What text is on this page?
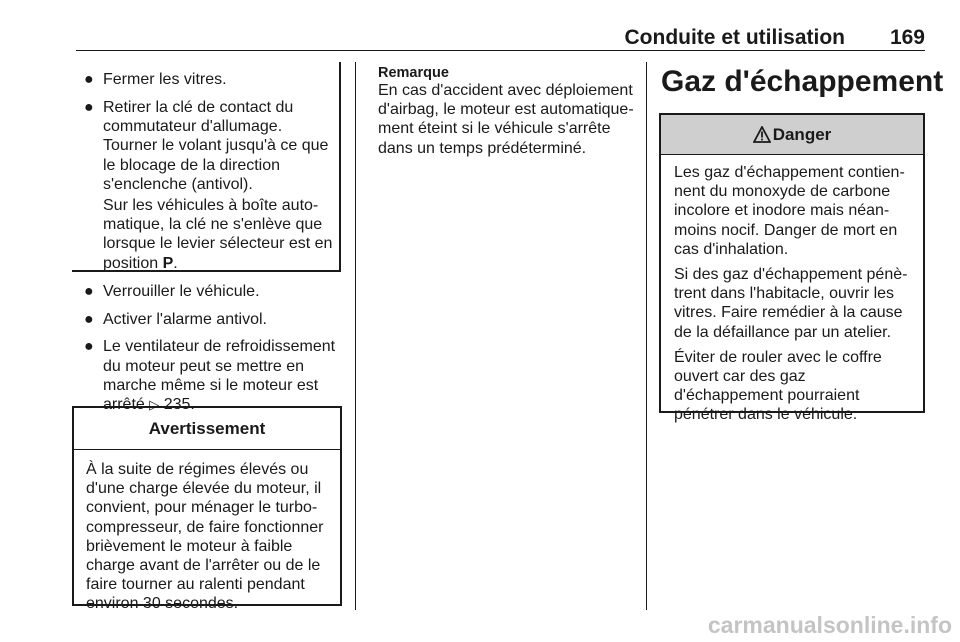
Conduite et utilisation 169
● Fermer les vitres.
● Retirer la clé de contact du commutateur d'allumage. Tourner le volant jusqu'à ce que le blocage de la direction s'enclenche (antivol).
Sur les véhicules à boîte automatique, la clé ne s'enlève que lorsque le levier sélecteur est en position P.
● Verrouiller le véhicule.
● Activer l'alarme antivol.
● Le ventilateur de refroidissement du moteur peut se mettre en marche même si le moteur est arrêté ▷ 235.
Avertissement
À la suite de régimes élevés ou d'une charge élevée du moteur, il convient, pour ménager le turbocompresseur, de faire fonctionner brièvement le moteur à faible charge avant de l'arrêter ou de le faire tourner au ralenti pendant environ 30 secondes.
Remarque
En cas d'accident avec déploiement d'airbag, le moteur est automatiquement éteint si le véhicule s'arrête dans un temps prédéterminé.
Gaz d'échappement
Danger
Les gaz d'échappement contiennent du monoxyde de carbone incolore et inodore mais néanmoins nocif. Danger de mort en cas d'inhalation.
Si des gaz d'échappement pénètrent dans l'habitacle, ouvrir les vitres. Faire remédier à la cause de la défaillance par un atelier.
Éviter de rouler avec le coffre ouvert car des gaz d'échappement pourraient pénétrer dans le véhicule.
carmanualsonline.info
